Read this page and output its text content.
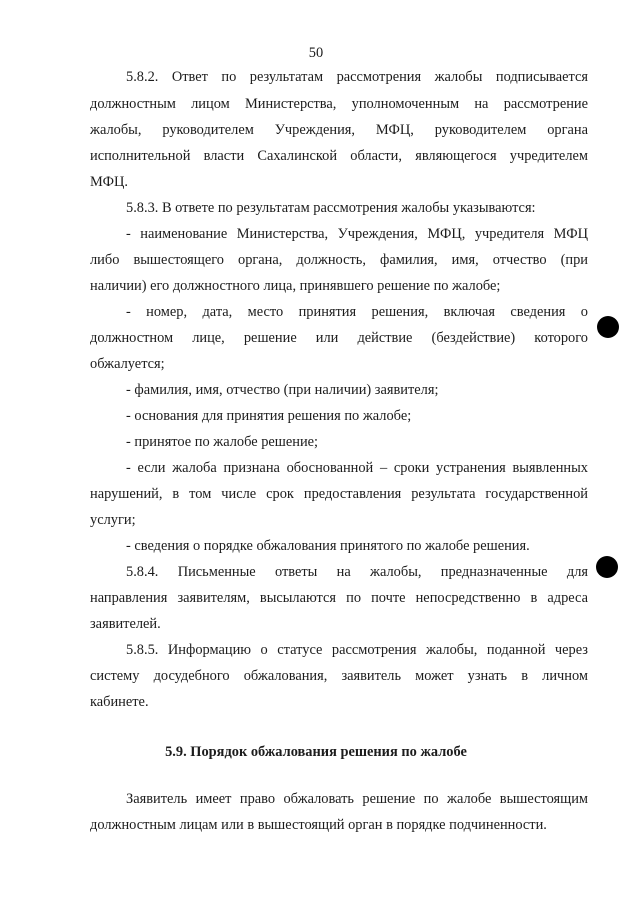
50
5.8.2. Ответ по результатам рассмотрения жалобы подписывается
должностным лицом Министерства, уполномоченным на рассмотрение
жалобы, руководителем Учреждения, МФЦ, руководителем органа
исполнительной власти Сахалинской области, являющегося учредителем
МФЦ.
5.8.3. В ответе по результатам рассмотрения жалобы указываются:
- наименование Министерства, Учреждения, МФЦ, учредителя МФЦ
либо вышестоящего органа, должность, фамилия, имя, отчество (при
наличии) его должностного лица, принявшего решение по жалобе;
- номер, дата, место принятия решения, включая сведения о
должностном лице, решение или действие (бездействие) которого
обжалуется;
- фамилия, имя, отчество (при наличии) заявителя;
- основания для принятия решения по жалобе;
- принятое по жалобе решение;
- если жалоба признана обоснованной – сроки устранения выявленных
нарушений, в том числе срок предоставления результата государственной
услуги;
- сведения о порядке обжалования принятого по жалобе решения.
5.8.4. Письменные ответы на жалобы, предназначенные для
направления заявителям, высылаются по почте непосредственно в адреса
заявителей.
5.8.5. Информацию о статусе рассмотрения жалобы, поданной через
систему досудебного обжалования, заявитель может узнать в личном
кабинете.
5.9. Порядок обжалования решения по жалобе
Заявитель имеет право обжаловать решение по жалобе вышестоящим
должностным лицам или в вышестоящий орган в порядке подчиненности.
